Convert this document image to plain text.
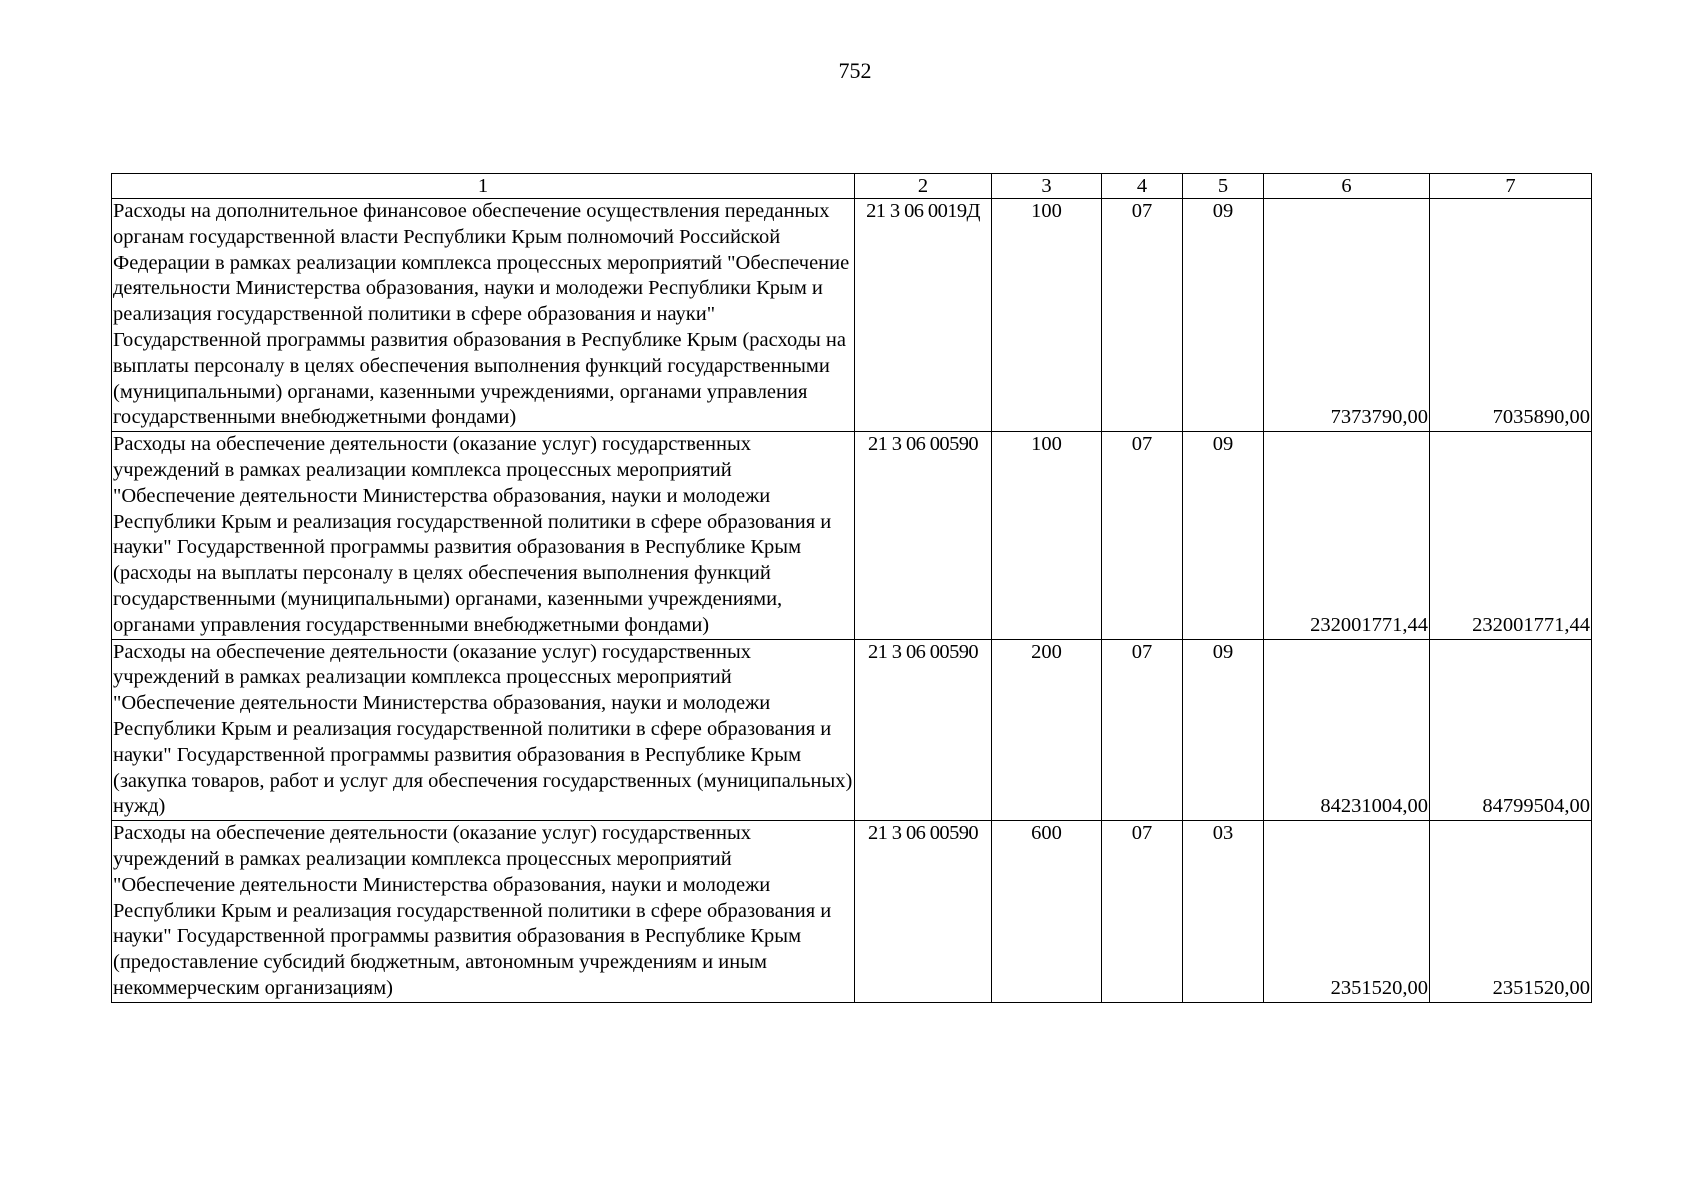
752
1	2	3	4	5	6	7
Расходы на дополнительное финансовое обеспечение осуществления переданных органам государственной власти Республики Крым полномочий Российской Федерации в рамках реализации комплекса процессных мероприятий "Обеспечение деятельности Министерства образования, науки и молодежи Республики Крым и реализация государственной политики в сфере образования и науки" Государственной программы развития образования в Республике Крым (расходы на выплаты персоналу в целях обеспечения выполнения функций государственными (муниципальными) органами, казенными учреждениями, органами управления государственными внебюджетными фондами)	21 3 06 0019Д	100	07	09	7373790,00	7035890,00
Расходы на обеспечение деятельности (оказание услуг) государственных учреждений в рамках реализации комплекса процессных мероприятий "Обеспечение деятельности Министерства образования, науки и молодежи Республики Крым и реализация государственной политики в сфере образования и науки" Государственной программы развития образования в Республике Крым (расходы на выплаты персоналу в целях обеспечения выполнения функций государственными (муниципальными) органами, казенными учреждениями, органами управления государственными внебюджетными фондами)	21 3 06 00590	100	07	09	232001771,44	232001771,44
Расходы на обеспечение деятельности (оказание услуг) государственных учреждений в рамках реализации комплекса процессных мероприятий "Обеспечение деятельности Министерства образования, науки и молодежи Республики Крым и реализация государственной политики в сфере образования и науки" Государственной программы развития образования в Республике Крым (закупка товаров, работ и услуг для обеспечения государственных (муниципальных) нужд)	21 3 06 00590	200	07	09	84231004,00	84799504,00
Расходы на обеспечение деятельности (оказание услуг) государственных учреждений в рамках реализации комплекса процессных мероприятий "Обеспечение деятельности Министерства образования, науки и молодежи Республики Крым и реализация государственной политики в сфере образования и науки" Государственной программы развития образования в Республике Крым (предоставление субсидий бюджетным, автономным учреждениям и иным некоммерческим организациям)	21 3 06 00590	600	07	03	2351520,00	2351520,00
